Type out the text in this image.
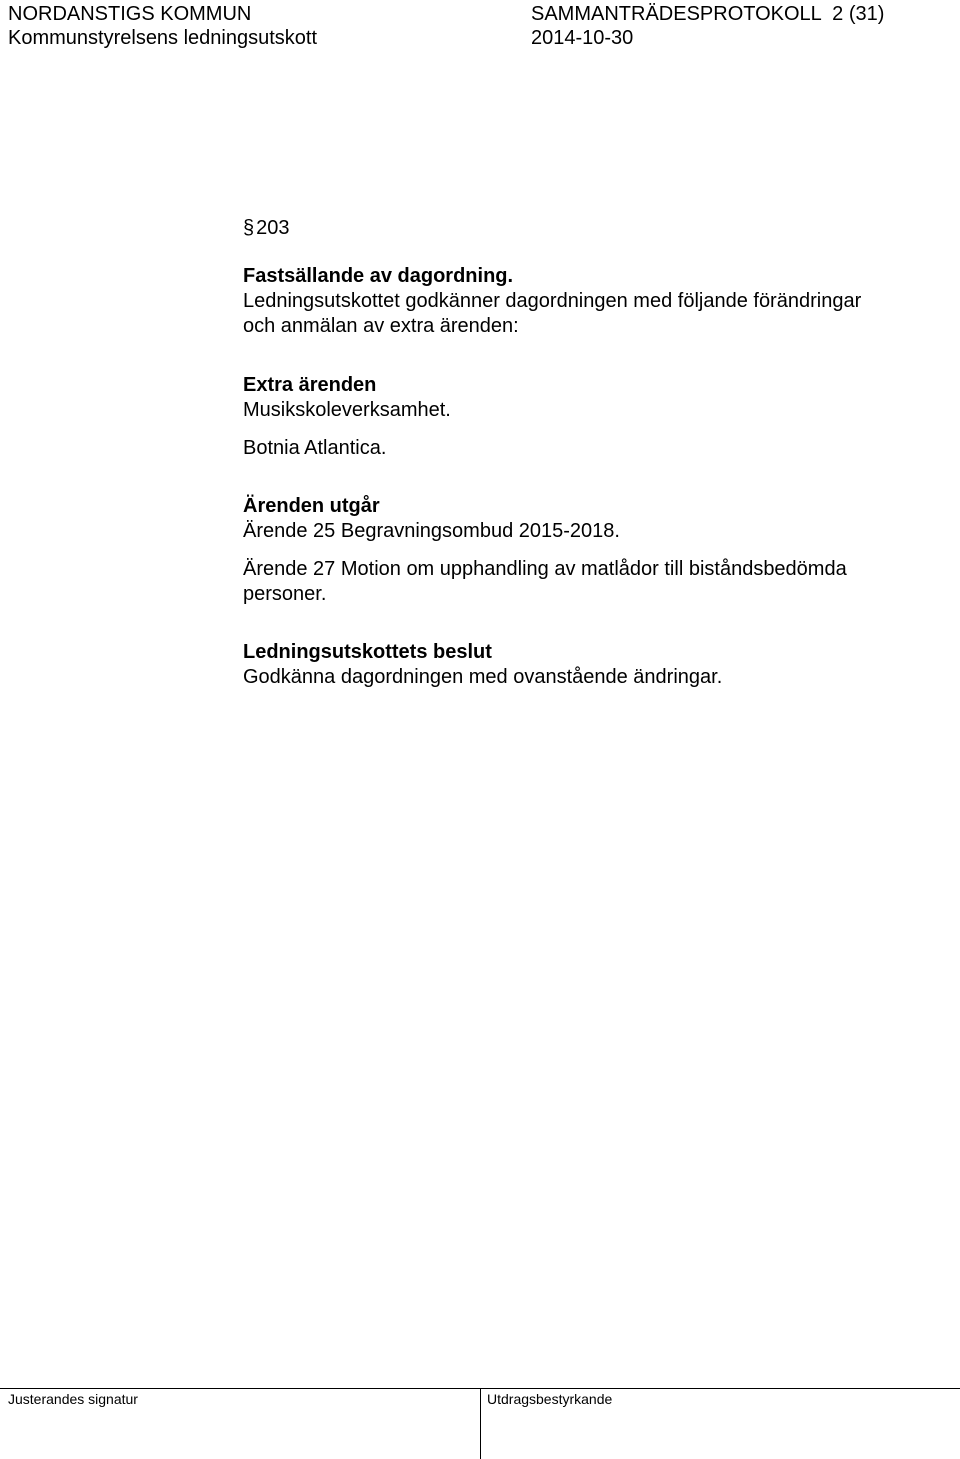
NORDANSTIGS KOMMUN
Kommunstyrelsens ledningsutskott
SAMMANTRÄDESPROTOKOLL  2 (31)
2014-10-30
§ 203
Fastsällande av dagordning.
Ledningsutskottet godkänner dagordningen med följande förändringar
och anmälan av extra ärenden:
Extra ärenden
Musikskoleverksamhet.
Botnia Atlantica.
Ärenden utgår
Ärende 25 Begravningsombud 2015-2018.
Ärende 27 Motion om upphandling av matlådor till biståndsbedömda
personer.
Ledningsutskottets beslut
Godkänna dagordningen med ovanstående ändringar.
Justerandes signatur	Utdragsbestyrkande
